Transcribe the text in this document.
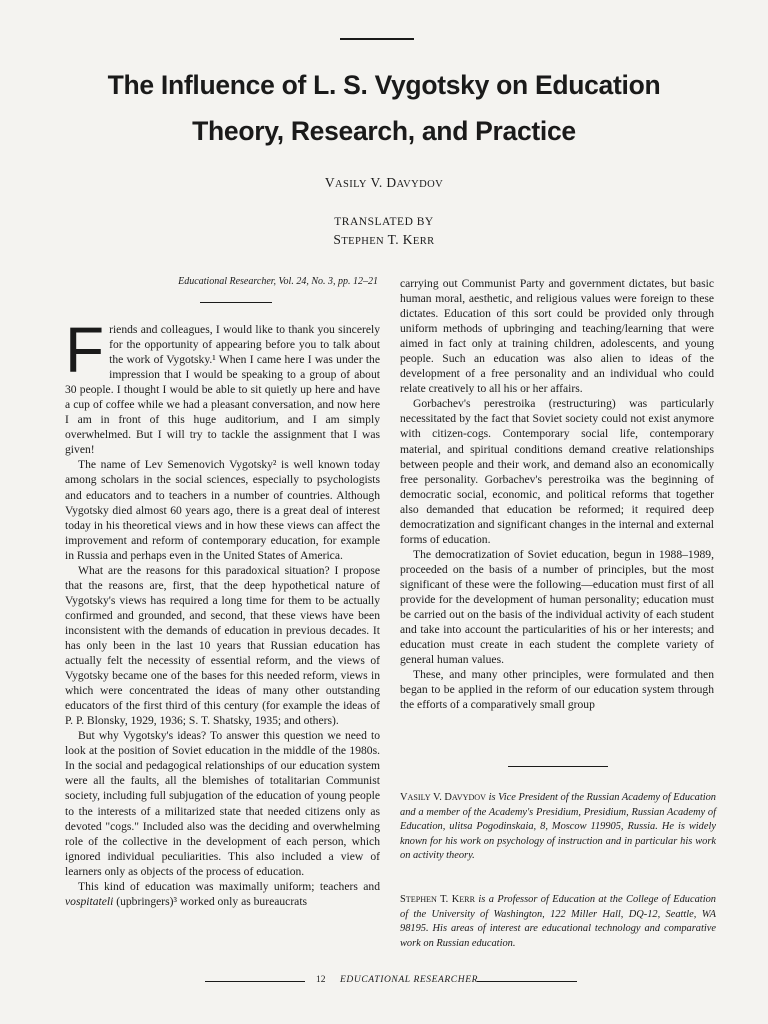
The Influence of L. S. Vygotsky on Education
Theory, Research, and Practice
VASILY V. DAVYDOV
TRANSLATED BY
STEPHEN T. KERR
Educational Researcher, Vol. 24, No. 3, pp. 12–21

Friends and colleagues, I would like to thank you sincerely for the opportunity of appearing before you to talk about the work of Vygotsky.¹ When I came here I was under the impression that I would be speaking to a group of about 30 people. I thought I would be able to sit quietly up here and have a cup of coffee while we had a pleasant conversation, and now here I am in front of this huge auditorium, and I am simply overwhelmed. But I will try to tackle the assignment that I was given!

The name of Lev Semenovich Vygotsky² is well known today among scholars in the social sciences, especially to psychologists and educators and to teachers in a number of countries. Although Vygotsky died almost 60 years ago, there is a great deal of interest today in his theoretical views and in how these views can affect the improvement and reform of contemporary education, for example in Russia and perhaps even in the United States of America.

What are the reasons for this paradoxical situation? I propose that the reasons are, first, that the deep hypothetical nature of Vygotsky's views has required a long time for them to be actually confirmed and grounded, and second, that these views have been inconsistent with the demands of education in previous decades. It has only been in the last 10 years that Russian education has actually felt the necessity of essential reform, and the views of Vygotsky became one of the bases for this needed reform, views in which were concentrated the ideas of many other outstanding educators of the first third of this century (for example the ideas of P. P. Blonsky, 1929, 1936; S. T. Shatsky, 1935; and others).

But why Vygotsky's ideas? To answer this question we need to look at the position of Soviet education in the middle of the 1980s. In the social and pedagogical relationships of our education system were all the faults, all the blemishes of totalitarian Communist society, including full subjugation of the education of young people to the interests of a militarized state that needed citizens only as devoted "cogs." Included also was the deciding and overwhelming role of the collective in the development of each person, which ignored individual peculiarities. This also included a view of learners only as objects of the process of education.

This kind of education was maximally uniform; teachers and vospitateli (upbringers)³ worked only as bureaucrats

carrying out Communist Party and government dictates, but basic human moral, aesthetic, and religious values were foreign to these dictates. Education of this sort could be provided only through uniform methods of upbringing and teaching/learning that were aimed in fact only at training children, adolescents, and young people. Such an education was also alien to ideas of the development of a free personality and an individual who could relate creatively to all his or her affairs.

Gorbachev's perestroika (restructuring) was particularly necessitated by the fact that Soviet society could not exist anymore with citizen-cogs. Contemporary social life, contemporary material, and spiritual conditions demand creative relationships between people and their work, and demand also an economically free personality. Gorbachev's perestroika was the beginning of democratic social, economic, and political reforms that together also demanded that education be reformed; it required deep democratization and significant changes in the internal and external forms of education.

The democratization of Soviet education, begun in 1988–1989, proceeded on the basis of a number of principles, but the most significant of these were the following—education must first of all provide for the development of human personality; education must be carried out on the basis of the individual activity of each student and take into account the particularities of his or her interests; and education must create in each student the complete variety of general human values.

These, and many other principles, were formulated and then began to be applied in the reform of our education system through the efforts of a comparatively small group

VASILY V. DAVYDOV is Vice President of the Russian Academy of Education and a member of the Academy's Presidium, Presidium, Russian Academy of Education, ulitsa Pogodinskaia, 8, Moscow 119905, Russia. He is widely known for his work on psychology of instruction and in particular his work on activity theory.
STEPHEN T. KERR is a Professor of Education at the College of Education of the University of Washington, 122 Miller Hall, DQ-12, Seattle, WA 98195. His areas of interest are educational technology and comparative work on Russian education.
12 EDUCATIONAL RESEARCHER
